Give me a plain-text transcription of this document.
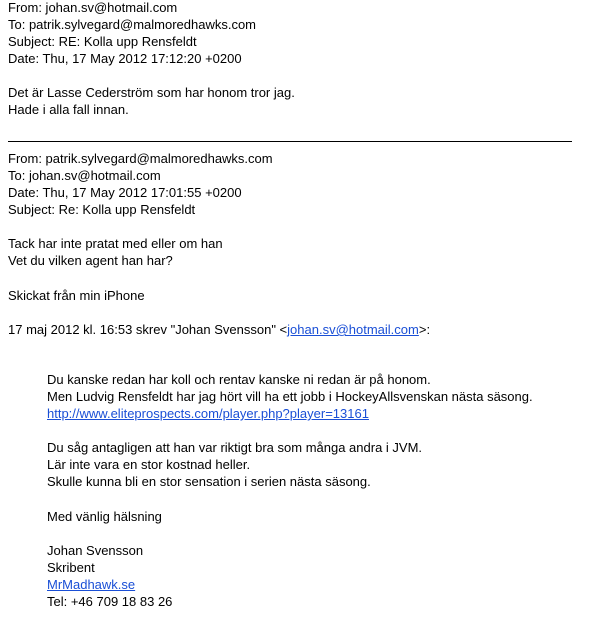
From: johan.sv@hotmail.com
To: patrik.sylvegard@malmoredhawks.com
Subject: RE: Kolla upp Rensfeldt
Date: Thu, 17 May 2012 17:12:20 +0200
Det är Lasse Cederström som har honom tror jag.
Hade i alla fall innan.
From: patrik.sylvegard@malmoredhawks.com
To: johan.sv@hotmail.com
Date: Thu, 17 May 2012 17:01:55 +0200
Subject: Re: Kolla upp Rensfeldt
Tack har inte pratat med eller om han
Vet du vilken agent han har?
Skickat från min iPhone
17 maj 2012 kl. 16:53 skrev "Johan Svensson" <johan.sv@hotmail.com>:
Du kanske redan har koll och rentav kanske ni redan är på honom.
Men Ludvig Rensfeldt har jag hört vill ha ett jobb i HockeyAllsvenskan nästa säsong.
http://www.eliteprospects.com/player.php?player=13161
Du såg antagligen att han var riktigt bra som många andra i JVM.
Lär inte vara en stor kostnad heller.
Skulle kunna bli en stor sensation i serien nästa säsong.
Med vänlig hälsning
Johan Svensson
Skribent
MrMadhawk.se
Tel: +46 709 18 83 26
